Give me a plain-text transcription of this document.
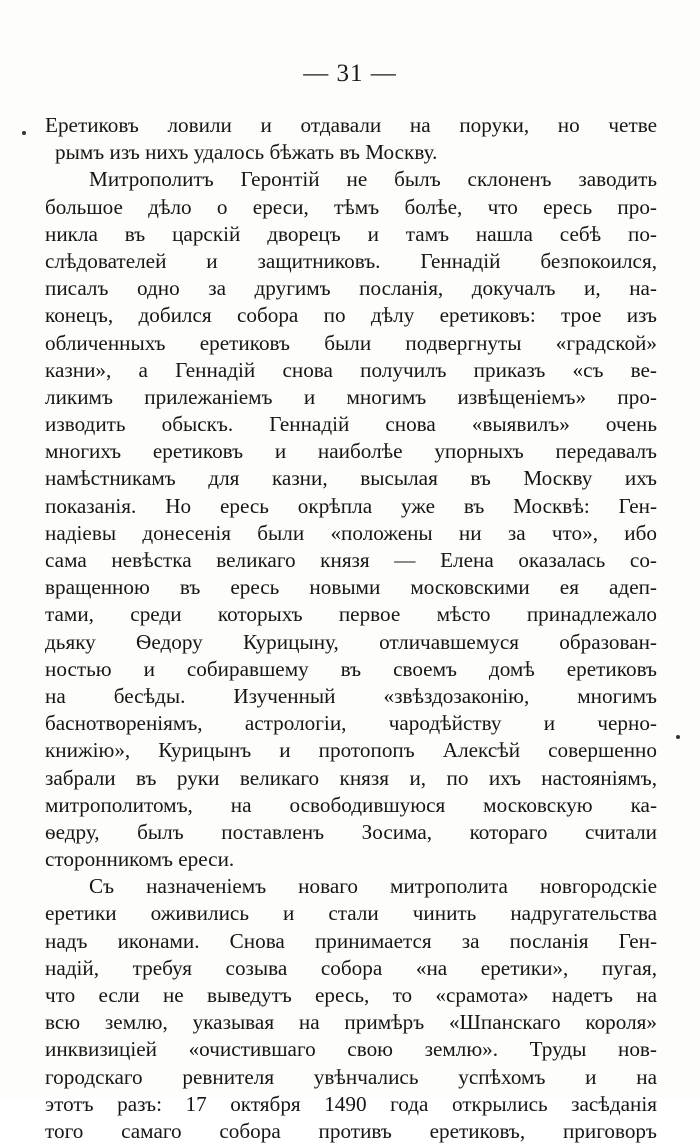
— 31 —
Еретиковъ ловили и отдавали на поруки, но четве
рымъ изъ нихъ удалось бѣжать въ Москву.
Митрополитъ Геронтій не былъ склоненъ заводить
большое дѣло о ереси, тѣмъ болѣе, что ересь про-
никла въ царскій дворецъ и тамъ нашла себѣ по-
слѣдователей и защитниковъ. Геннадій безпокоился,
писалъ одно за другимъ посланія, докучалъ и, на-
конецъ, добился собора по дѣлу еретиковъ: трое изъ
обличенныхъ еретиковъ были подвергнуты «градской»
казни», а Геннадій снова получилъ приказъ «съ ве-
ликимъ прилежаніемъ и многимъ извѣщеніемъ» про-
изводить обыскъ. Геннадій снова «выявилъ» очень
многихъ еретиковъ и наиболѣе упорныхъ передавалъ
намѣстникамъ для казни, высылая въ Москву ихъ
показанія. Но ересь окрѣпла уже въ Москвѣ: Ген-
надіевы донесенія были «положены ни за что», ибо
сама невѣстка великаго князя — Елена оказалась со-
вращенною въ ересь новыми московскими ея адеп-
тами, среди которыхъ первое мѣсто принадлежало
дьяку Ѳедору Курицыну, отличавшемуся образован-
ностью и собиравшему въ своемъ домѣ еретиковъ
на бесѣды. Изученный «звѣздозаконію, многимъ
баснотвореніямъ, астрологіи, чародѣйству и черно-
книжію», Курицынъ и протопопъ Алексѣй совершенно
забрали въ руки великаго князя и, по ихъ настояніямъ,
митрополитомъ, на освободившуюся московскую ка-
ѳедру, былъ поставленъ Зосима, котораго считали
сторонникомъ ереси.
Съ назначеніемъ новаго митрополита новгородскіе
еретики оживились и стали чинить надругательства
надъ иконами. Снова принимается за посланія Ген-
надій, требуя созыва собора «на еретики», пугая,
что если не выведутъ ересь, то «срамота» надетъ на
всю землю, указывая на примѣръ «Шпанскаго короля»
инквизиціей «очистившаго свою землю». Труды нов-
городскаго ревнителя увѣнчались успѣхомъ и на
этотъ разъ: 17 октября 1490 года открылись засѣданія
того самаго собора противъ еретиковъ, приговоръ
